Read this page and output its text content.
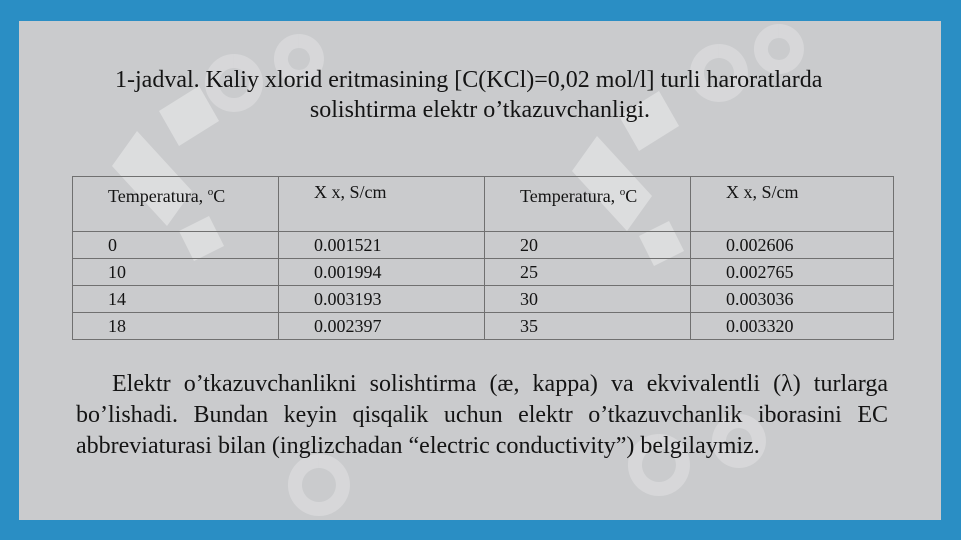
1-jadval. Kaliy xlorid eritmasining [C(KCl)=0,02 mol/l] turli haroratlarda
solishtirma elektr o’tkazuvchanligi.
Temperatura, $^o$C	X x, S/cm	Temperatura, $^o$C	X x, S/cm
0	0.001521	20	0.002606
10	0.001994	25	0.002765
14	0.003193	30	0.003036
18	0.002397	35	0.003320
Elektr o’tkazuvchanlikni solishtirma (æ, kappa) va ekvivalentli (λ) turlarga bo’lishadi. Bundan keyin qisqalik uchun elektr o’tkazuvchanlik iborasini EC abbreviaturasi bilan (inglizchadan “electric conductivity”) belgilaymiz.
